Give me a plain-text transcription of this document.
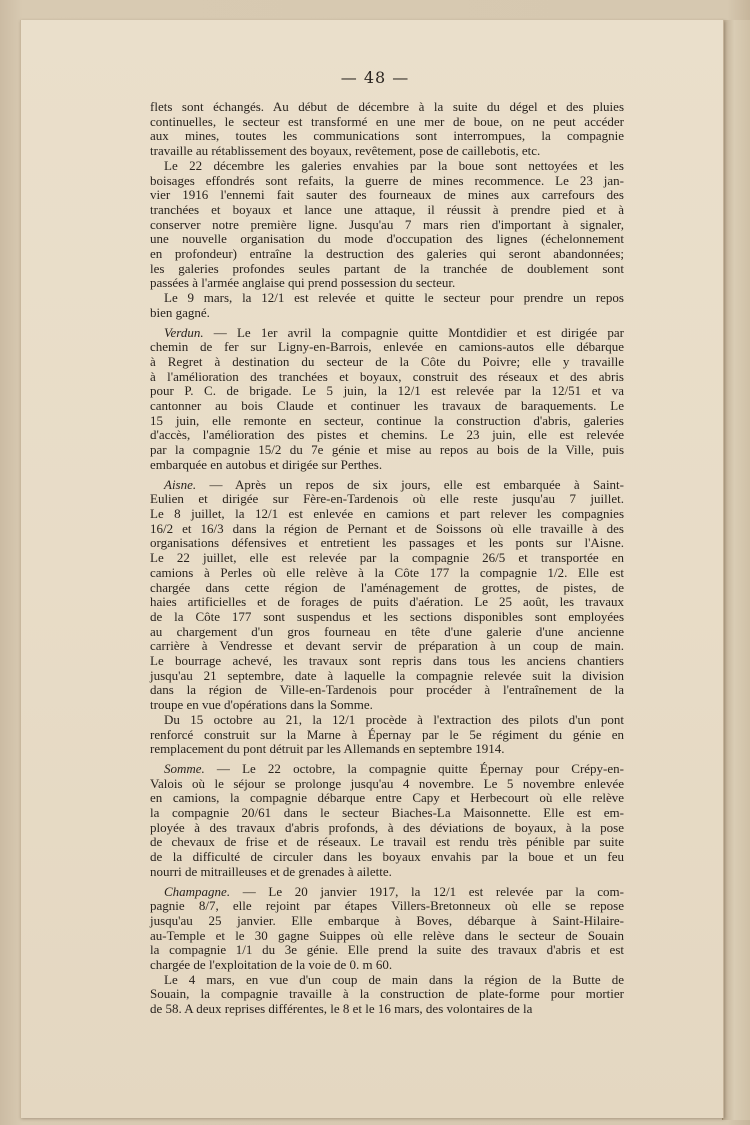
— 48 —

flets sont échangés. Au début de décembre à la suite du dégel et des pluies
continuelles, le secteur est transformé en une mer de boue, on ne peut accéder
aux mines, toutes les communications sont interrompues, la compagnie
travaille au rétablissement des boyaux, revêtement, pose de caillebotis, etc.

Le 22 décembre les galeries envahies par la boue sont nettoyées et les
boisages effondrés sont refaits, la guerre de mines recommence. Le 23 jan-
vier 1916 l'ennemi fait sauter des fourneaux de mines aux carrefours des
tranchées et boyaux et lance une attaque, il réussit à prendre pied et à
conserver notre première ligne. Jusqu'au 7 mars rien d'important à signaler,
une nouvelle organisation du mode d'occupation des lignes (échelonnement
en profondeur) entraîne la destruction des galeries qui seront abandonnées;
les galeries profondes seules partant de la tranchée de doublement sont
passées à l'armée anglaise qui prend possession du secteur.

Le 9 mars, la 12/1 est relevée et quitte le secteur pour prendre un repos
bien gagné.

Verdun. — Le 1er avril la compagnie quitte Montdidier et est dirigée par
chemin de fer sur Ligny-en-Barrois, enlevée en camions-autos elle débarque
à Regret à destination du secteur de la Côte du Poivre; elle y travaille
à l'amélioration des tranchées et boyaux, construit des réseaux et des abris
pour P. C. de brigade. Le 5 juin, la 12/1 est relevée par la 12/51 et va
cantonner au bois Claude et continuer les travaux de baraquements. Le
15 juin, elle remonte en secteur, continue la construction d'abris, galeries
d'accès, l'amélioration des pistes et chemins. Le 23 juin, elle est relevée
par la compagnie 15/2 du 7e génie et mise au repos au bois de la Ville, puis
embarquée en autobus et dirigée sur Perthes.

Aisne. — Après un repos de six jours, elle est embarquée à Saint-
Eulien et dirigée sur Fère-en-Tardenois où elle reste jusqu'au 7 juillet.
Le 8 juillet, la 12/1 est enlevée en camions et part relever les compagnies
16/2 et 16/3 dans la région de Pernant et de Soissons où elle travaille à des
organisations défensives et entretient les passages et les ponts sur l'Aisne.
Le 22 juillet, elle est relevée par la compagnie 26/5 et transportée en
camions à Perles où elle relève à la Côte 177 la compagnie 1/2. Elle est
chargée dans cette région de l'aménagement de grottes, de pistes, de
haies artificielles et de forages de puits d'aération. Le 25 août, les travaux
de la Côte 177 sont suspendus et les sections disponibles sont employées
au chargement d'un gros fourneau en tête d'une galerie d'une ancienne
carrière à Vendresse et devant servir de préparation à un coup de main.
Le bourrage achevé, les travaux sont repris dans tous les anciens chantiers
jusqu'au 21 septembre, date à laquelle la compagnie relevée suit la division
dans la région de Ville-en-Tardenois pour procéder à l'entraînement de la
troupe en vue d'opérations dans la Somme.

Du 15 octobre au 21, la 12/1 procède à l'extraction des pilots d'un pont
renforcé construit sur la Marne à Épernay par le 5e régiment du génie en
remplacement du pont détruit par les Allemands en septembre 1914.

Somme. — Le 22 octobre, la compagnie quitte Épernay pour Crépy-en-
Valois où le séjour se prolonge jusqu'au 4 novembre. Le 5 novembre enlevée
en camions, la compagnie débarque entre Capy et Herbecourt où elle relève
la compagnie 20/61 dans le secteur Biaches-La Maisonnette. Elle est em-
ployée à des travaux d'abris profonds, à des déviations de boyaux, à la pose
de chevaux de frise et de réseaux. Le travail est rendu très pénible par suite
de la difficulté de circuler dans les boyaux envahis par la boue et un feu
nourri de mitrailleuses et de grenades à ailette.

Champagne. — Le 20 janvier 1917, la 12/1 est relevée par la com-
pagnie 8/7, elle rejoint par étapes Villers-Bretonneux où elle se repose
jusqu'au 25 janvier. Elle embarque à Boves, débarque à Saint-Hilaire-
au-Temple et le 30 gagne Suippes où elle relève dans le secteur de Souain
la compagnie 1/1 du 3e génie. Elle prend la suite des travaux d'abris et est
chargée de l'exploitation de la voie de 0. m 60.

Le 4 mars, en vue d'un coup de main dans la région de la Butte de
Souain, la compagnie travaille à la construction de plate-forme pour mortier
de 58. A deux reprises différentes, le 8 et le 16 mars, des volontaires de la
